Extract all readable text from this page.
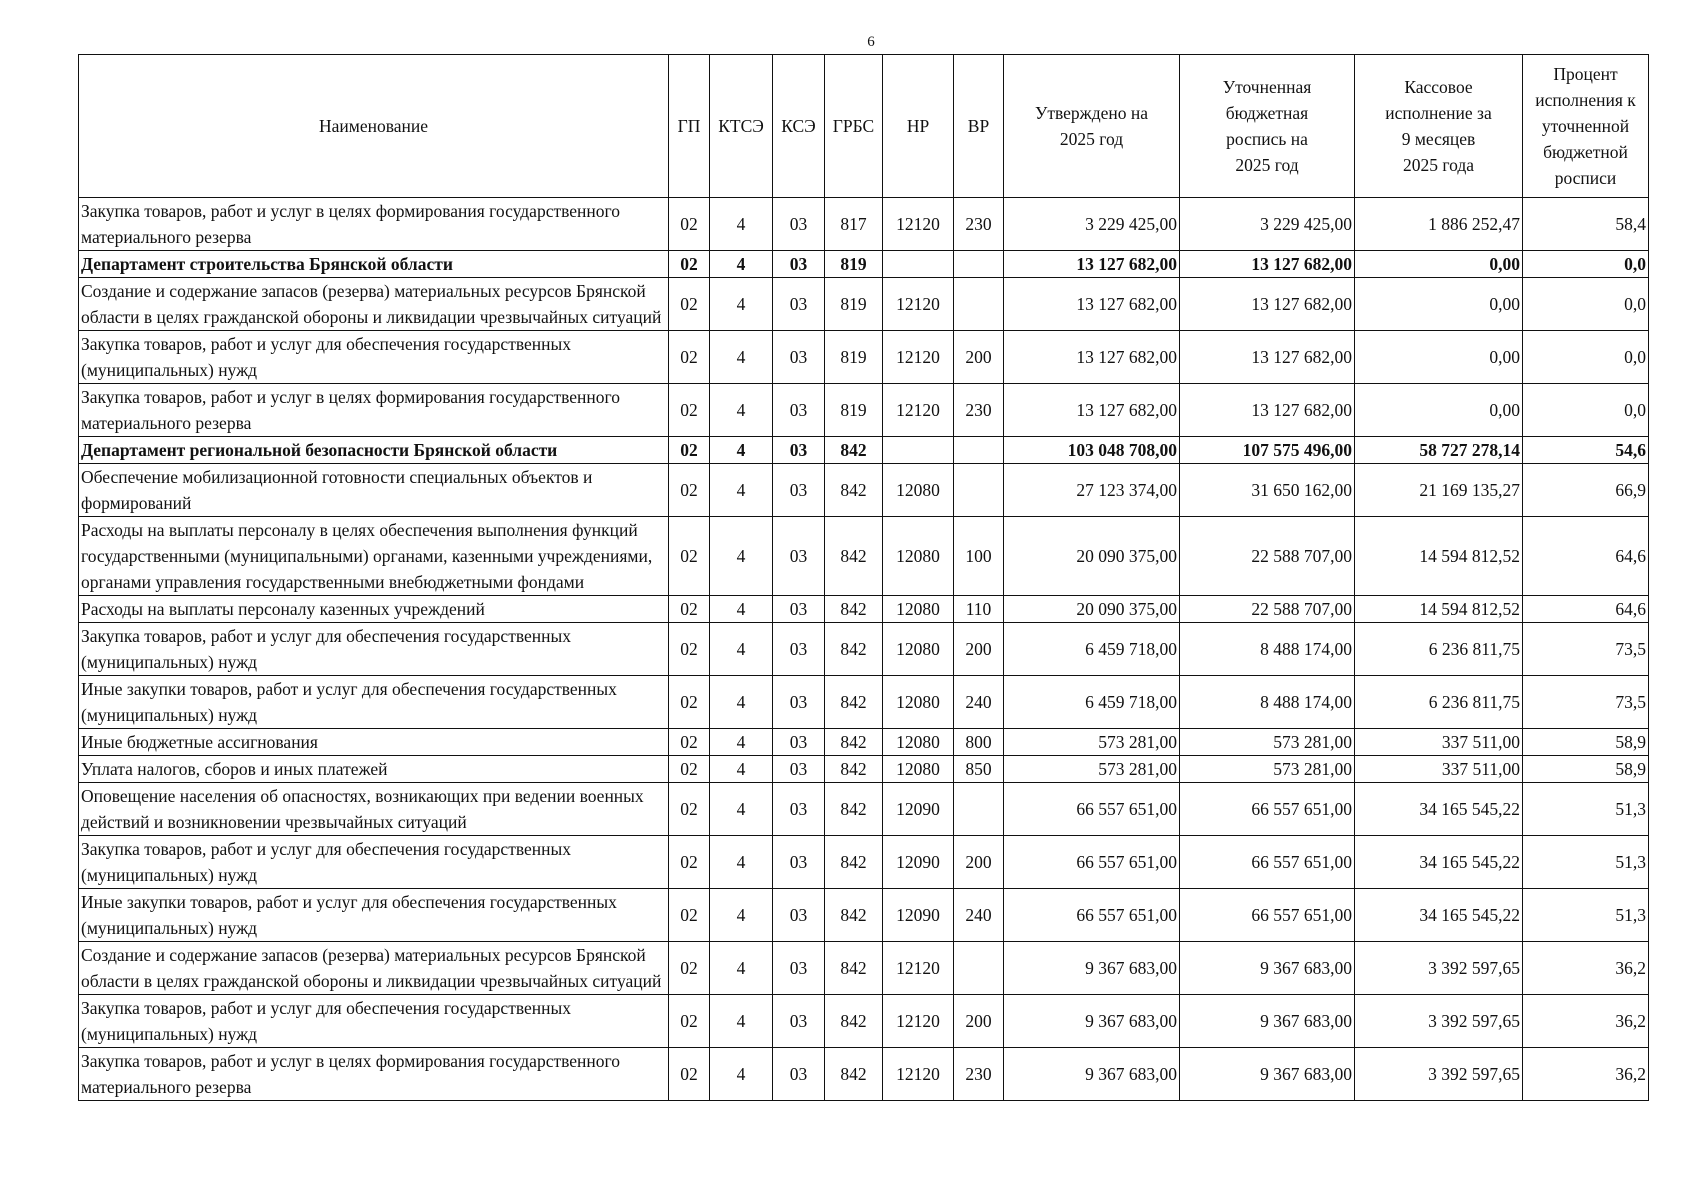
6
Наименование	ГП	КТСЭ	КСЭ	ГРБС	НР	ВР	Утверждено на 2025 год	Уточненная бюджетная роспись на 2025 год	Кассовое исполнение за 9 месяцев 2025 года	Процент исполнения к уточненной бюджетной росписи
Закупка товаров, работ и услуг в целях формирования государственного материального резерва	02	4	03	817	12120	230	3 229 425,00	3 229 425,00	1 886 252,47	58,4
Департамент строительства Брянской области	02	4	03	819			13 127 682,00	13 127 682,00	0,00	0,0
Создание и содержание запасов (резерва) материальных ресурсов Брянской области в целях гражданской обороны и ликвидации чрезвычайных ситуаций	02	4	03	819	12120		13 127 682,00	13 127 682,00	0,00	0,0
Закупка товаров, работ и услуг для обеспечения государственных (муниципальных) нужд	02	4	03	819	12120	200	13 127 682,00	13 127 682,00	0,00	0,0
Закупка товаров, работ и услуг в целях формирования государственного материального резерва	02	4	03	819	12120	230	13 127 682,00	13 127 682,00	0,00	0,0
Департамент региональной безопасности Брянской области	02	4	03	842			103 048 708,00	107 575 496,00	58 727 278,14	54,6
Обеспечение мобилизационной готовности специальных объектов и формирований	02	4	03	842	12080		27 123 374,00	31 650 162,00	21 169 135,27	66,9
Расходы на выплаты персоналу в целях обеспечения выполнения функций государственными (муниципальными) органами, казенными учреждениями, органами управления государственными внебюджетными фондами	02	4	03	842	12080	100	20 090 375,00	22 588 707,00	14 594 812,52	64,6
Расходы на выплаты персоналу казенных учреждений	02	4	03	842	12080	110	20 090 375,00	22 588 707,00	14 594 812,52	64,6
Закупка товаров, работ и услуг для обеспечения государственных (муниципальных) нужд	02	4	03	842	12080	200	6 459 718,00	8 488 174,00	6 236 811,75	73,5
Иные закупки товаров, работ и услуг для обеспечения государственных (муниципальных) нужд	02	4	03	842	12080	240	6 459 718,00	8 488 174,00	6 236 811,75	73,5
Иные бюджетные ассигнования	02	4	03	842	12080	800	573 281,00	573 281,00	337 511,00	58,9
Уплата налогов, сборов и иных платежей	02	4	03	842	12080	850	573 281,00	573 281,00	337 511,00	58,9
Оповещение населения об опасностях, возникающих при ведении военных действий и возникновении чрезвычайных ситуаций	02	4	03	842	12090		66 557 651,00	66 557 651,00	34 165 545,22	51,3
Закупка товаров, работ и услуг для обеспечения государственных (муниципальных) нужд	02	4	03	842	12090	200	66 557 651,00	66 557 651,00	34 165 545,22	51,3
Иные закупки товаров, работ и услуг для обеспечения государственных (муниципальных) нужд	02	4	03	842	12090	240	66 557 651,00	66 557 651,00	34 165 545,22	51,3
Создание и содержание запасов (резерва) материальных ресурсов Брянской области в целях гражданской обороны и ликвидации чрезвычайных ситуаций	02	4	03	842	12120		9 367 683,00	9 367 683,00	3 392 597,65	36,2
Закупка товаров, работ и услуг для обеспечения государственных (муниципальных) нужд	02	4	03	842	12120	200	9 367 683,00	9 367 683,00	3 392 597,65	36,2
Закупка товаров, работ и услуг в целях формирования государственного материального резерва	02	4	03	842	12120	230	9 367 683,00	9 367 683,00	3 392 597,65	36,2
